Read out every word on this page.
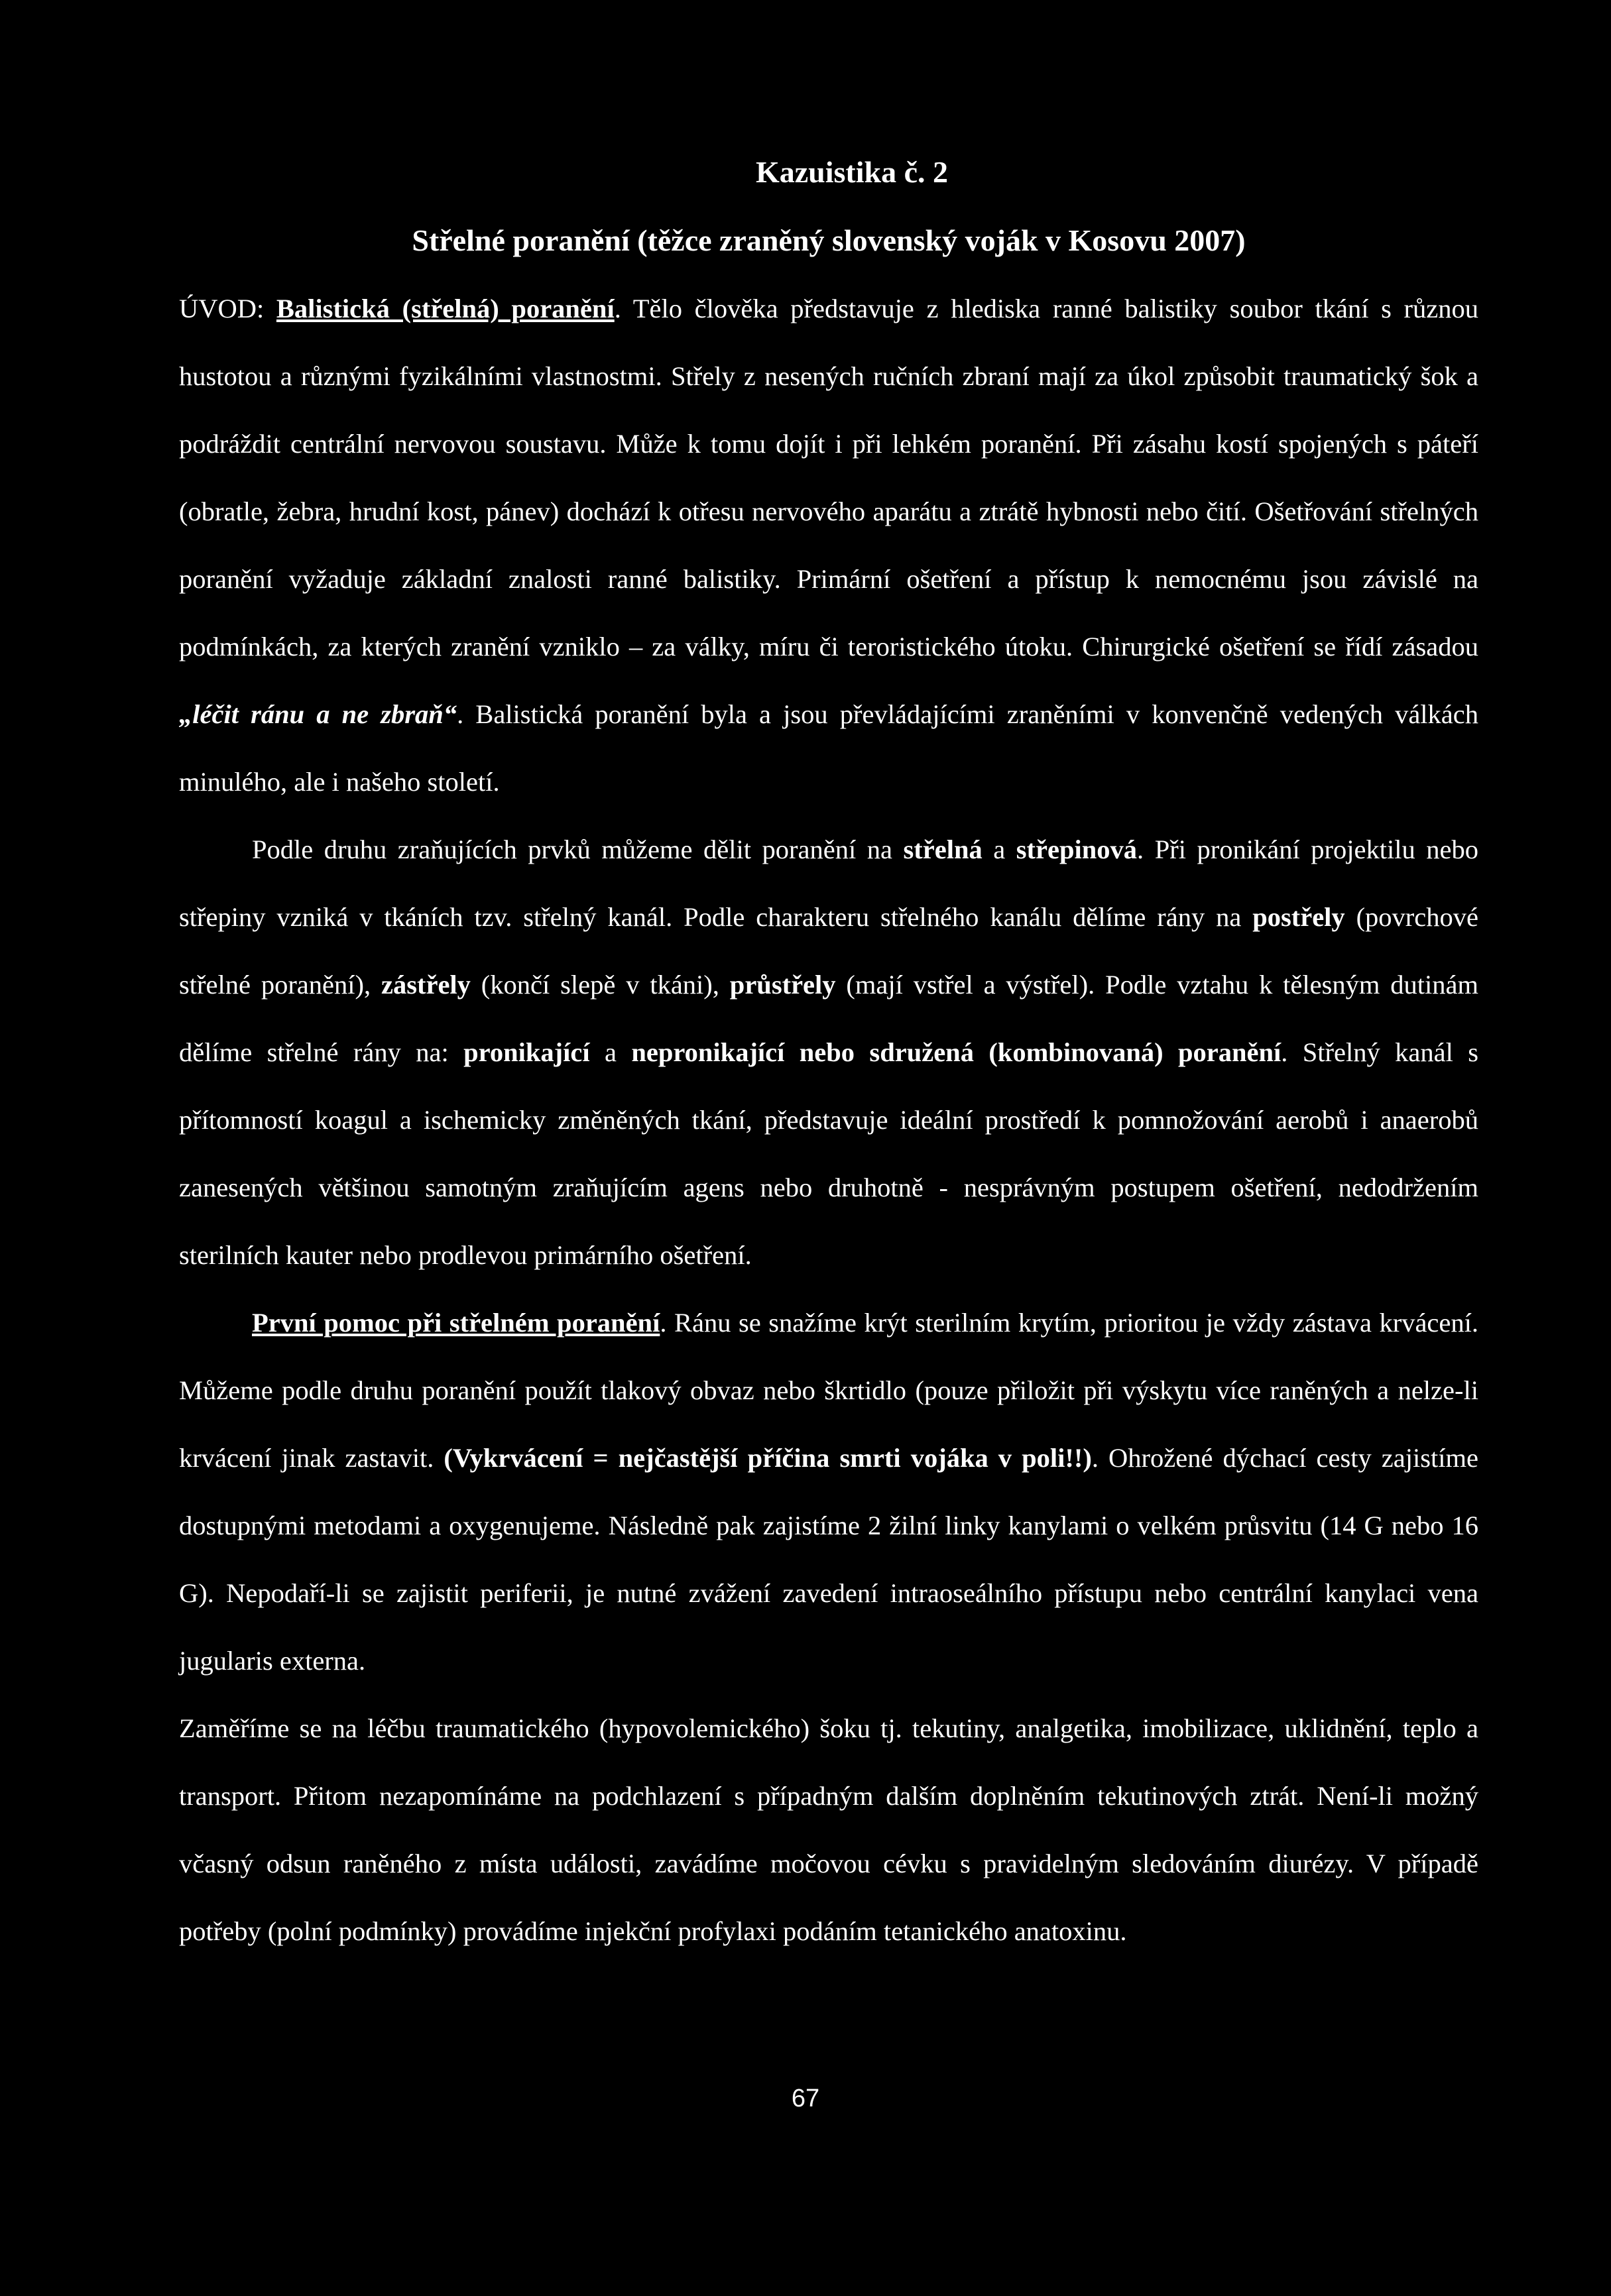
Kazuistika č. 2
Střelné poranění (těžce zraněný slovenský voják v Kosovu 2007)

ÚVOD: Balistická (střelná) poranění. Tělo člověka představuje z hlediska ranné balistiky soubor tkání s různou hustotou a různými fyzikálními vlastnostmi. Střely z nesených ručních zbraní mají za úkol způsobit traumatický šok a podráždit centrální nervovou soustavu. Může k tomu dojít i při lehkém poranění. Při zásahu kostí spojených s páteří (obratle, žebra, hrudní kost, pánev) dochází k otřesu nervového aparátu a ztrátě hybnosti nebo čití. Ošetřování střelných poranění vyžaduje základní znalosti ranné balistiky. Primární ošetření a přístup k nemocnému jsou závislé na podmínkách, za kterých zranění vzniklo – za války, míru či teroristického útoku. Chirurgické ošetření se řídí zásadou „léčit ránu a ne zbraň“. Balistická poranění byla a jsou převládajícími zraněními v konvenčně vedených válkách minulého, ale i našeho století.

Podle druhu zraňujících prvků můžeme dělit poranění na střelná a střepinová. Při pronikání projektilu nebo střepiny vzniká v tkáních tzv. střelný kanál. Podle charakteru střelného kanálu dělíme rány na postřely (povrchové střelné poranění), zástřely (končí slepě v tkáni), průstřely (mají vstřel a výstřel). Podle vztahu k tělesným dutinám dělíme střelné rány na: pronikající a nepronikající nebo sdružená (kombinovaná) poranění. Střelný kanál s přítomností koagul a ischemicky změněných tkání, představuje ideální prostředí k pomnožování aerobů i anaerobů zanesených většinou samotným zraňujícím agens nebo druhotně - nesprávným postupem ošetření, nedodržením sterilních kauter nebo prodlevou primárního ošetření.

První pomoc při střelném poranění. Ránu se snažíme krýt sterilním krytím, prioritou je vždy zástava krvácení. Můžeme podle druhu poranění použít tlakový obvaz nebo škrtidlo (pouze přiložit při výskytu více raněných a nelze-li krvácení jinak zastavit. (Vykrvácení = nejčastější příčina smrti vojáka v poli!!). Ohrožené dýchací cesty zajistíme dostupnými metodami a oxygenujeme. Následně pak zajistíme 2 žilní linky kanylami o velkém průsvitu (14 G nebo 16 G). Nepodaří-li se zajistit periferii, je nutné zvážení zavedení intraoseálního přístupu nebo centrální kanylaci vena jugularis externa.

Zaměříme se na léčbu traumatického (hypovolemického) šoku tj. tekutiny, analgetika, imobilizace, uklidnění, teplo a transport. Přitom nezapomínáme na podchlazení s případným dalším doplněním tekutinových ztrát. Není-li možný včasný odsun raněného z místa události, zavádíme močovou cévku s pravidelným sledováním diurézy. V případě potřeby (polní podmínky) provádíme injekční profylaxi podáním tetanického anatoxinu.

67
